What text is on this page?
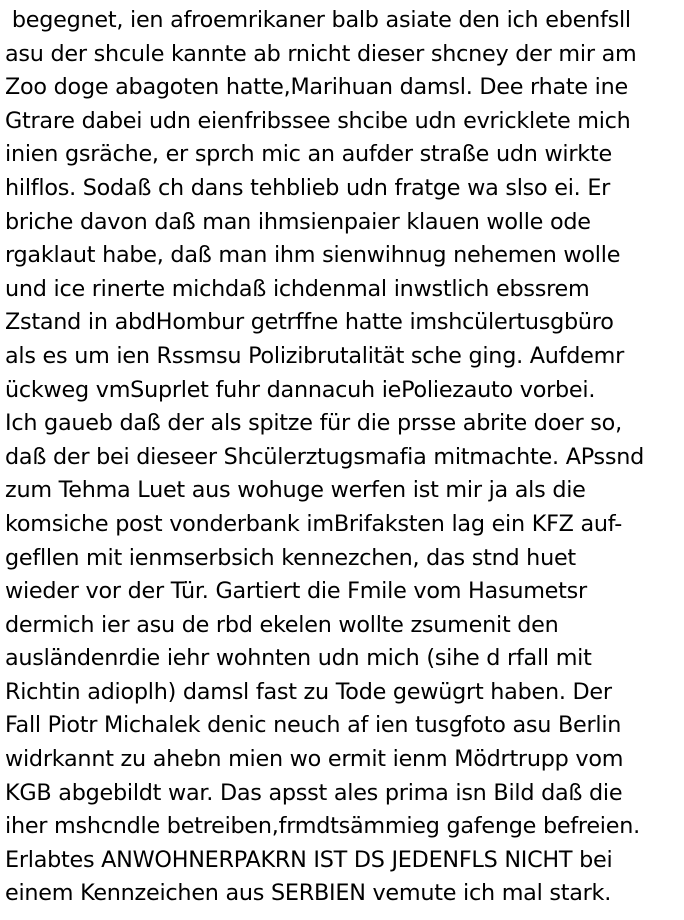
begegnet, ien afroemrikaner balb asiate den ich ebenfsll
asu der shcule kannte ab rnicht dieser shcney der mir am
Zoo doge abagoten hatte,Marihuan damsl. Dee rhate ine
Gtrare dabei udn eienfribssee shcibe udn evricklete mich
inien gsräche, er sprch mic an aufder straße udn wirkte
hilflos. Sodaß ch dans tehblieb udn fratge wa slso ei. Er
briche davon daß man ihmsienpaier klauen wolle ode
rgaklaut habe, daß man ihm sienwihnug nehemen wolle
und ice rinerte michdaß ichdenmal inwstlich ebssrem
Zstand in abdHombur getrffne hatte imshcülertusgbüro
als es um ien Rssmsu Polizibrutalität sche ging. Aufdemr
ückweg vmSuprlet fuhr dannacuh iePoliezauto vorbei.
Ich gaueb daß der als spitze für die prsse abrite doer so,
daß der bei dieseer Shcülerztugsmafia mitmachte. APssnd
zum Tehma Luet aus wohuge werfen ist mir ja als die
komsiche post vonderbank imBrifaksten lag ein KFZ auf-
gefllen mit ienmserbsich kennezchen, das stnd huet
wieder vor der Tür. Gartiert die Fmile vom Hasumetsr
dermich ier asu de rbd ekelen wollte zsumenit den
ausländenrdie iehr wohnten udn mich (sihe d rfall mit
Richtin adioplh) damsl fast zu Tode gewügrt haben. Der
Fall Piotr Michalek denic neuch af ien tusgfoto asu Berlin
widrkannt zu ahebn mien wo ermit ienm Mödrtrupp vom
KGB abgebildt war. Das apsst ales prima isn Bild daß die
iher mshcndle betreiben,frmdtsämmieg gafenge befreien.
Erlabtes ANWOHNERPAKRN IST DS JEDENFLS NICHT bei
einem Kennzeichen aus SERBIEN vemute ich mal stark.
